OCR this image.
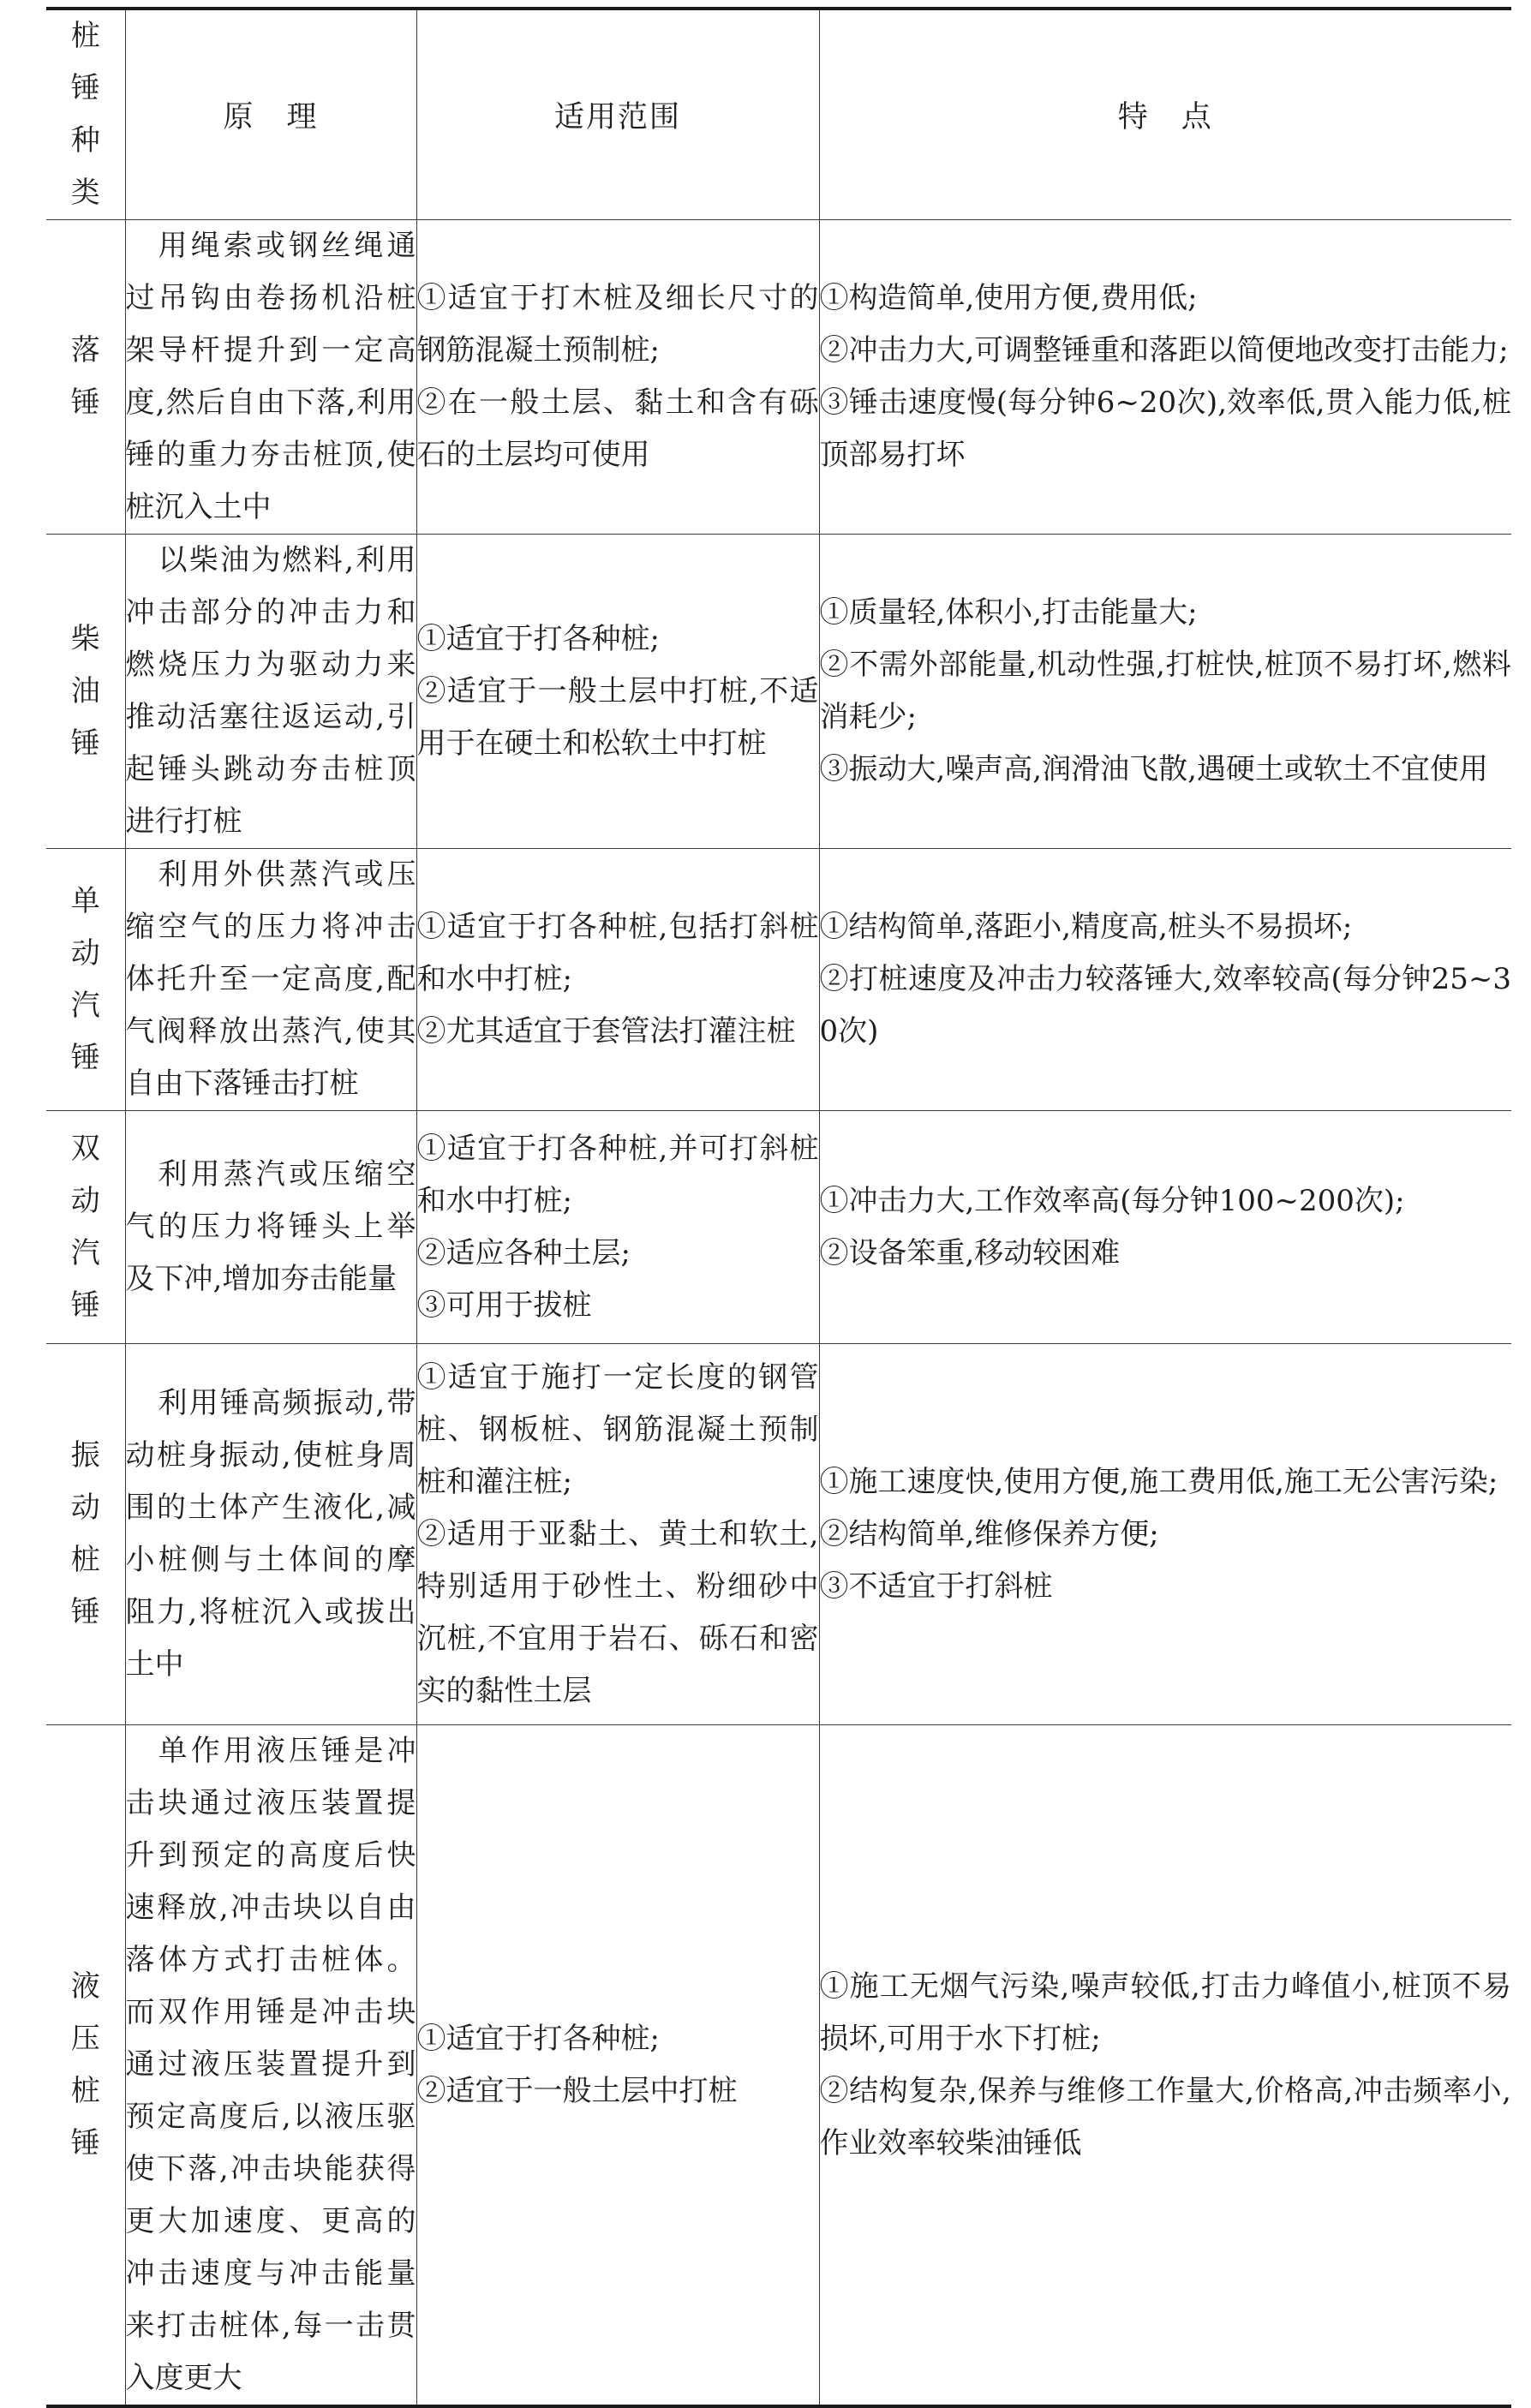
桩锤种类	原　理	适用范围	特　点
落锤	用绳索或钢丝绳通过吊钩由卷扬机沿桩架导杆提升到一定高度,然后自由下落,利用锤的重力夯击桩顶,使桩沉入土中	①适宜于打木桩及细长尺寸的钢筋混凝土预制桩;
②在一般土层、黏土和含有砾石的土层均可使用	①构造简单,使用方便,费用低;
②冲击力大,可调整锤重和落距以简便地改变打击能力;
③锤击速度慢(每分钟6~20次),效率低,贯入能力低,桩顶部易打坏

柴油锤	以柴油为燃料,利用冲击部分的冲击力和燃烧压力为驱动力来推动活塞往返运动,引起锤头跳动夯击桩顶进行打桩	①适宜于打各种桩;
②适宜于一般土层中打桩,不适用于在硬土和松软土中打桩	①质量轻,体积小,打击能量大;
②不需外部能量,机动性强,打桩快,桩顶不易打坏,燃料消耗少;
③振动大,噪声高,润滑油飞散,遇硬土或软土不宜使用

单动汽锤	利用外供蒸汽或压缩空气的压力将冲击体托升至一定高度,配气阀释放出蒸汽,使其自由下落锤击打桩	①适宜于打各种桩,包括打斜桩和水中打桩;
②尤其适宜于套管法打灌注桩	①结构简单,落距小,精度高,桩头不易损坏;
②打桩速度及冲击力较落锤大,效率较高(每分钟25~30次)

双动汽锤	利用蒸汽或压缩空气的压力将锤头上举及下冲,增加夯击能量	①适宜于打各种桩,并可打斜桩和水中打桩;
②适应各种土层;
③可用于拔桩	①冲击力大,工作效率高(每分钟100~200次);
②设备笨重,移动较困难

振动桩锤	利用锤高频振动,带动桩身振动,使桩身周围的土体产生液化,减小桩侧与土体间的摩阻力,将桩沉入或拔出土中	①适宜于施打一定长度的钢管桩、钢板桩、钢筋混凝土预制桩和灌注桩;
②适用于亚黏土、黄土和软土,特别适用于砂性土、粉细砂中沉桩,不宜用于岩石、砾石和密实的黏性土层	①施工速度快,使用方便,施工费用低,施工无公害污染;
②结构简单,维修保养方便;
③不适宜于打斜桩

液压桩锤	单作用液压锤是冲击块通过液压装置提升到预定的高度后快速释放,冲击块以自由落体方式打击桩体。而双作用锤是冲击块通过液压装置提升到预定高度后,以液压驱使下落,冲击块能获得更大加速度、更高的冲击速度与冲击能量来打击桩体,每一击贯入度更大	①适宜于打各种桩;
②适宜于一般土层中打桩	①施工无烟气污染,噪声较低,打击力峰值小,桩顶不易损坏,可用于水下打桩;
②结构复杂,保养与维修工作量大,价格高,冲击频率小,作业效率较柴油锤低
